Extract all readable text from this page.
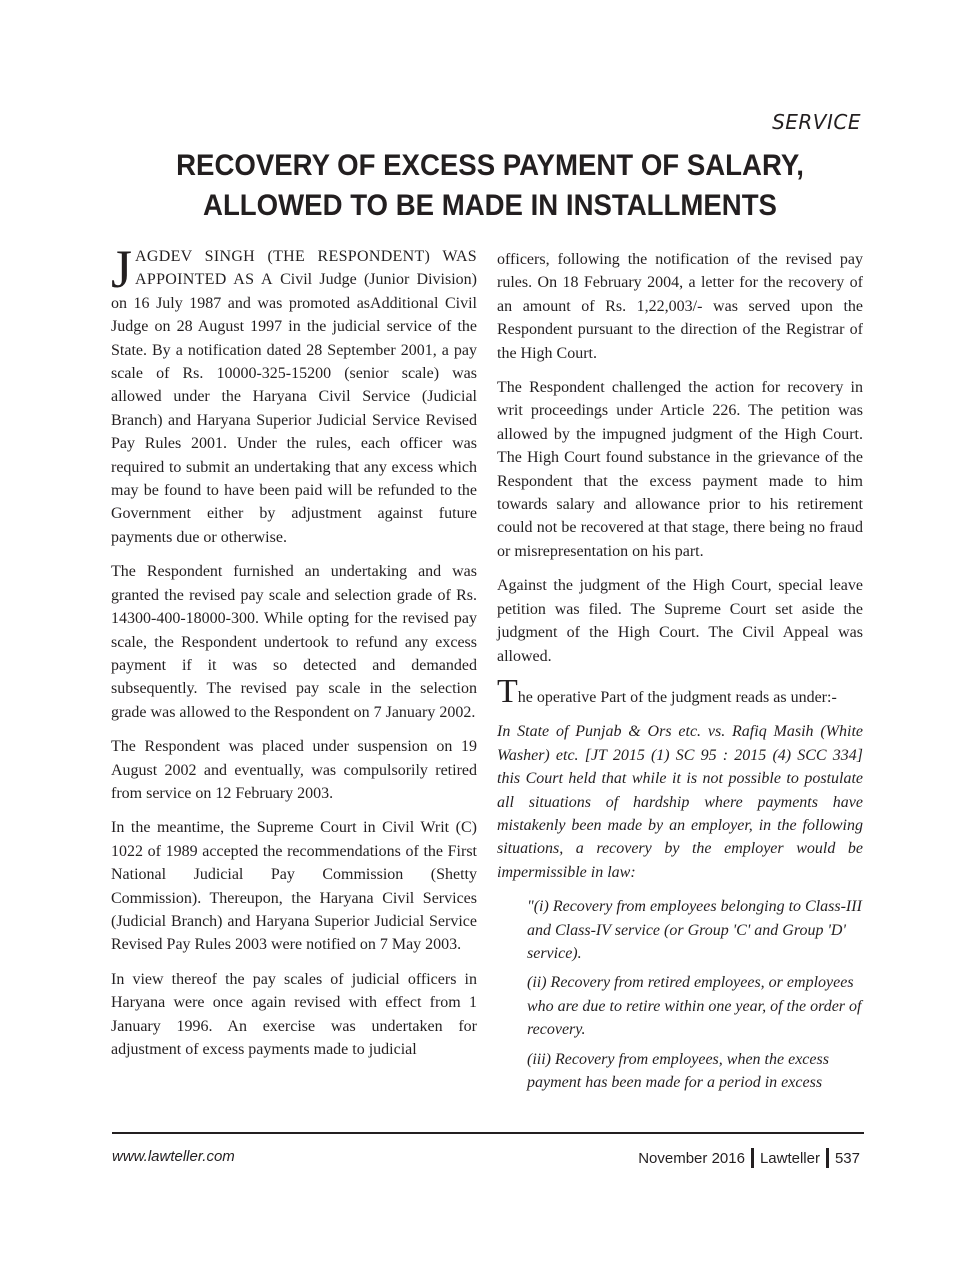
SERVICE
RECOVERY OF EXCESS PAYMENT OF SALARY,
ALLOWED TO BE MADE IN INSTALLMENTS

JAGDEV SINGH (THE RESPONDENT) WAS APPOINTED AS A Civil Judge (Junior Division) on 16 July 1987 and was promoted asAdditional Civil Judge on 28 August 1997 in the judicial service of the State. By a notification dated 28 September 2001, a pay scale of Rs. 10000-325-15200 (senior scale) was allowed under the Haryana Civil Service (Judicial Branch) and Haryana Superior Judicial Service Revised Pay Rules 2001. Under the rules, each officer was required to submit an undertaking that any excess which may be found to have been paid will be refunded to the Government either by adjustment against future payments due or otherwise.

The Respondent furnished an undertaking and was granted the revised pay scale and selection grade of Rs. 14300-400-18000-300. While opting for the revised pay scale, the Respondent undertook to refund any excess payment if it was so detected and demanded subsequently. The revised pay scale in the selection grade was allowed to the Respondent on 7 January 2002.

The Respondent was placed under suspension on 19 August 2002 and eventually, was compulsorily retired from service on 12 February 2003.

In the meantime, the Supreme Court in Civil Writ (C) 1022 of 1989 accepted the recommendations of the First National Judicial Pay Commission (Shetty Commission). Thereupon, the Haryana Civil Services (Judicial Branch) and Haryana Superior Judicial Service Revised Pay Rules 2003 were notified on 7 May 2003.

In view thereof the pay scales of judicial officers in Haryana were once again revised with effect from 1 January 1996. An exercise was undertaken for adjustment of excess payments made to judicial

officers, following the notification of the revised pay rules. On 18 February 2004, a letter for the recovery of an amount of Rs. 1,22,003/- was served upon the Respondent pursuant to the direction of the Registrar of the High Court.

The Respondent challenged the action for recovery in writ proceedings under Article 226. The petition was allowed by the impugned judgment of the High Court. The High Court found substance in the grievance of the Respondent that the excess payment made to him towards salary and allowance prior to his retirement could not be recovered at that stage, there being no fraud or misrepresentation on his part.

Against the judgment of the High Court, special leave petition was filed. The Supreme Court set aside the judgment of the High Court. The Civil Appeal was allowed.

The operative Part of the judgment reads as under:-

In State of Punjab & Ors etc. vs. Rafiq Masih (White Washer) etc. [JT 2015 (1) SC 95 : 2015 (4) SCC 334] this Court held that while it is not possible to postulate all situations of hardship where payments have mistakenly been made by an employer, in the following situations, a recovery by the employer would be impermissible in law:

"(i) Recovery from employees belonging to Class-III and Class-IV service (or Group 'C' and Group 'D' service).

(ii) Recovery from retired employees, or employees who are due to retire within one year, of the order of recovery.

(iii) Recovery from employees, when the excess payment has been made for a period in excess

www.lawteller.com	November 2016 Lawteller 537
